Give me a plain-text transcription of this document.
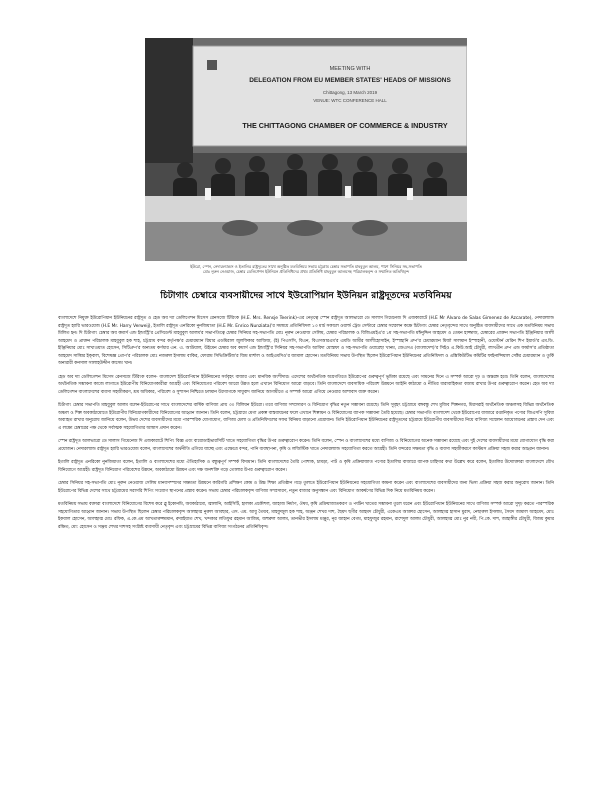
MEETING WITH
DELEGATION FROM EU MEMBER STATES' HEADS OF MISSIONS
Chittagong, 13 March 2019
VENUE: WTC CONFERENCE HALL
THE CHITTAGONG CHAMBER OF COMMERCE & INDUSTRY
ইউরো, স্পেন, নেদারল্যান্ডস ও ইতালির রাষ্ট্রদূতের সাথে অনুষ্ঠিত মতবিনিময় সভায় চট্টগ্রাম চেম্বার সভাপতি মাহবুবুল আলম, পাশে সিনিয়র সহ-সভাপতি
মোঃ নূরুন নেওয়াজ, চেম্বার ডেলিগেশন ইউনিয়ন প্রতিনিধিদের প্রথম প্রতিনিধি মাহবুবুল আলমসহ পরিচালকবৃন্দ ও সম্মানিত অতিথিবৃন্দ
চিটাগাং চেম্বারে ব্যবসায়ীদের সাথে ইউরোপিয়ান ইউনিয়ন রাষ্ট্রদূতদের মতবিনিময়

বাংলাদেশে নিযুক্ত ইউরোপিয়ান ইউনিয়নের রাষ্ট্রদূত ও হেড অব দ্যা ডেলিগেশন মিসেস রেনসজে টিরিংক (H.E. Mrs. Rensje Teerink)-এর নেতৃত্বে স্পেন রাষ্ট্রদূত আলভারো ডে সালাস গিমেনেজ দি এজকারাটে (H.E Mr Alvaro de Salas Gimenez de Azcarate), নেদারল্যান্ড রাষ্ট্রদূত হ্যারি ভারওয়েজ (H.E Mr. Harry Verweij), ইতালি রাষ্ট্রদূত এনরিকো নুনজিয়াতা (H.E Mr. Enrico Nunziata)'র সমন্বয়ে প্রতিনিধিদল ১৩ মার্চ সকালে ওয়ার্ল্ড ট্রেড সেন্টারে চেম্বার সম্মেলন কক্ষে চিটাগাং চেম্বার নেতৃবৃন্দের সাথে অনুষ্ঠিত ব্যবসায়ীদের সাথে এক মতবিনিময় সভায় মিলিত হন। দি চিটাগাং চেম্বার অব কমার্স এন্ড ইন্ডাস্ট্রি'র প্রেসিডেন্ট মাহবুবুল আলম'র সভাপতিত্বে চেম্বার সিনিয়র সহ-সভাপতি মোঃ নূরুন নেওয়াজ সেলিম, চেম্বার পরিচালক ও বিজিএমইএ'র ১ম সহ-সভাপতি মঈনুদ্দিন আহমেদ ও তেমন হাজ্জাজ, চেম্বারের প্রাক্তন সভাপতি ইঞ্জিনিয়ার আলী আহমেদ ও প্রাক্তন পরিচালক মাহবুবুল হক শাহ, চট্টগ্রাম বন্দর কর্তৃপক্ষ'র চেয়ারম্যান রিয়ার এডমিরাল জুলফিকার আজিজ, (ই) পিএসসি, বিএন, বিএসআরএম'র এমডি আমীর আলীহোসাইন, ইস্পাহানি গ্রুপ'র চেয়ারম্যান মির্জা সালমান ইস্পাহানী, ওয়েস্টার্ন মেরিন শিপ ইয়ার্ড'র এম.ডি. ইঞ্জিনিয়ার মোঃ সাখাওয়াত হোসেন, সিটিগ্রুপ'র অন্যতম কর্ণধার এন. এ. আউয়াল, উইমেন চেম্বার অব কমার্স এন্ড ইন্ডাস্ট্রি'র সিনিয়র সহ-সভাপতি আবিদা মোস্তফা ও সহ-সভাপতি ওয়ারেছা খানম, জেএসএ (বাংলাদেশ)'র সিইও এ.কিউ.আই চৌধুরী, লাসপ্রীন গ্রুপ এন্ড ফার্মাস'র প্রতিষ্ঠাতা আহমেদ সাব্বির ইক্‌বাল, বিশেষজ্ঞ প্রোপ'র পরিচালক মোঃ নজরুল ইসলাম বাকির, ফোরাম সিভিক্রিটিজ'র জিম মার্শাল ও আইএমসিও'র জামাল হোসেন। মতবিনিময় সভায় উপস্থিত ছিলেন ইউরোপিয়ান ইউনিয়নের প্রতিনিধিদল ও এক্সিকিউটিভ কমিটির ফাইনান্সিয়াল সেক্টর চেয়ারম্যান ও তুর্কি অনারারী কনসাল সালাহউদ্দীন কাসেম খান।

হেড অব দ্যা ডেলিগেশন মিসেস রেনসজে টিরিংক বলেন- বাংলাদেশ ইউরোপিয়ান ইউনিয়নের সর্ববৃহৎ বাজার এবং মানবিক অংশীদার। এদেশের অর্থনৈতিক অগ্রগতিতে ইউরোপের গুরুত্বপূর্ণ ভূমিকা রয়েছে এবং সামনের দিনে এ সম্পর্ক আরো দৃঢ় ও অন্তরঙ্গ হবে। তিনি বলেন, বাংলাদেশের অর্থনৈতিক সম্ভাবনা কাজে লাগাতে ইউরোপীয় বিনিয়োগকারীরা আগ্রহী এবং বিনিয়োগের পরিবেশ আরো উন্নত হলে এখানে বিনিয়োগ আরো বাড়বে। তিনি বাংলাদেশে ব্যবসায়িক পরিবেশ উন্নয়নে আইনি কাঠামো ও নীতির ধারাবাহিকতা বজায় রাখার উপর গুরুত্বারোপ করেন। হেড অব দ্যা ডেলিগেশন বাংলাদেশের ব্যবসা সহজীকরণ, শ্রম অধিকার, পরিবেশ ও সুশাসন নিশ্চিতে চলমান উদ্যোগকে সাধুবাদ জানিয়ে আগামীতে এ সম্পর্ক আরো এগিয়ে নেওয়ার আশাবাদ ব্যক্ত করেন।

চিটাগাং চেম্বার সভাপতি মাহবুবুল আলম বলেন-ইউরোপের সাথে বাংলাদেশের বার্ষিক বাণিজ্য প্রায় ৩০ বিলিয়ন ইউরো। তবে বাণিজ্য সম্প্রসারণ ও বিনিয়োগ বৃদ্ধির নতুন সম্ভাবনা রয়েছে। তিনি সুবৃহৎ চট্টগ্রামে বঙ্গবন্ধু শেখ মুজিব শিল্পনগর, মিরসরাই অর্থনৈতিক অঞ্চলসহ বিভিন্ন অর্থনৈতিক অঞ্চল ও শিল্প অবকাঠামোতে ইউরোপীয় বিনিয়োগকারীদের বিনিয়োগের আহ্বান জানান। তিনি বলেন, চট্টগ্রামে মেগা প্রকল্প বাস্তবায়নের ফলে এখানে শিল্পায়ন ও বিনিয়োগের ব্যাপক সম্ভাবনা তৈরি হয়েছে। চেম্বার সভাপতি বাংলাদেশ থেকে ইউরোপের বাজারে রপ্তানিকৃত পণ্যের জিএসপি সুবিধা অব্যাহত রাখার অনুরোধ জানিয়ে বলেন, উভয় দেশের ব্যবসায়ীদের মধ্যে পারস্পরিক যোগাযোগ, বাণিজ্য মেলা ও প্রতিনিধিদলের সফর বিনিময় বাড়ানো প্রয়োজন। তিনি ইউরোপিয়ান ইউনিয়নের রাষ্ট্রদূতদের চট্টগ্রামে ইউরোপীয় ব্যবসায়ীদের নিয়ে বাণিজ্য সম্মেলন আয়োজনের প্রস্তাব দেন এবং এ লক্ষ্যে চেম্বারের পক্ষ থেকে সর্বাত্মক সহযোগিতার আশ্বাস প্রদান করেন।

স্পেন রাষ্ট্রদূত আলভারো ডে সালাস গিমেনেজ দি এজকারাটে শিপিং বিজ্ঞ এবং বায়োডাইভারসিটি খাতে সহযোগিতা বৃদ্ধির উপর গুরুত্বারোপ করেন। তিনি বলেন, স্পেন ও বাংলাদেশের মধ্যে বাণিজ্য ও বিনিয়োগের অনেক সম্ভাবনা রয়েছে এবং দুই দেশের ব্যবসায়ীদের মধ্যে যোগাযোগ বৃদ্ধি করা প্রয়োজন। নেদারল্যান্ড রাষ্ট্রদূত হ্যারি ভারওয়েজ বলেন, বাংলাদেশের অর্থনীতি এগিয়ে যাচ্ছে এবং এক্ষেত্রে বন্দর, পানি ব্যবস্থাপনা, কৃষি ও লজিস্টিক খাতে নেদারল্যান্ড সহযোগিতা করতে আগ্রহী। তিনি বন্দরের সক্ষমতা বৃদ্ধি ও ব্যবসা সহজীকরণে কাস্টমস প্রক্রিয়া সহজ করার আহ্বান জানান।

ইতালি রাষ্ট্রদূত এনরিকো নুনজিয়াতা বলেন, ইতালি ও বাংলাদেশের মধ্যে ঐতিহাসিক ও বন্ধুত্বপূর্ণ সম্পর্ক বিদ্যমান। তিনি বাংলাদেশের তৈরি পোশাক, চামড়া, পাট ও কৃষি প্রক্রিয়াজাত পণ্যের ইতালির বাজারে ব্যাপক চাহিদার কথা উল্লেখ করে বলেন, ইতালির উদ্যোক্তারা বাংলাদেশে যৌথ বিনিয়োগে আগ্রহী। রাষ্ট্রদূত বিনিয়োগ পরিবেশের উন্নয়ন, অবকাঠামো উন্নয়ন এবং দক্ষ জনশক্তি গড়ে তোলার উপর গুরুত্বারোপ করেন।

চেম্বার সিনিয়র সহ-সভাপতি মোঃ নূরুন নেওয়াজ সেলিম মানবসম্পদের সক্ষমতা উন্নয়নে কারিগরি প্রশিক্ষণ কেন্দ্র ও উচ্চ শিক্ষা প্রতিষ্ঠান গড়ে তুলতে ইউরোপিয়ান ইউনিয়নের সহযোগিতা কামনা করেন এবং বাংলাদেশের ব্যবসায়ীদের জন্য ভিসা প্রক্রিয়া সহজ করার অনুরোধ জানান। তিনি ইউরোপের বিভিন্ন দেশের সাথে চট্টগ্রামের সরাসরি শিপিং সংযোগ স্থাপনের প্রস্তাব করেন। সভায় চেম্বার পরিচালকবৃন্দ বাণিজ্য সম্প্রসারণ, নতুন বাজার অনুসন্ধান এবং বিনিয়োগ আকর্ষণের বিভিন্ন দিক নিয়ে মতবিনিময় করেন।

মতবিনিময় সভায় বক্তারা বাংলাদেশে বিনিয়োগের বিশেষ করে ব্লু ইকোনমি, অবকাঠামো, জ্বালানি, আইসিটি, হালকা প্রকৌশল, জাহাজ নির্মাণ, ঔষধ, কৃষি প্রক্রিয়াজাতকরণ ও পর্যটন খাতের সম্ভাবনা তুলে ধরেন এবং ইউরোপিয়ান ইউনিয়নের সাথে বাণিজ্য সম্পর্ক আরো সুদৃঢ় করতে পারস্পরিক সহযোগিতার আহ্বান জানান। সভায় উপস্থিত ছিলেন চেম্বার পরিচালকবৃন্দ আলহাজ্ব নুরুল আবছার, এস. এম. আবু তৈয়ব, মাহফুজুল হক শাহ, অঞ্জন শেখর দাশ, ছৈয়দ ছগীর আহমদ চৌধুরী, একেএম আক্তার হোসেন, আলহাজ্ব হাসান মুরাদ, নেছারুল ইসলাম, সৈয়দ জামাল আহমেদ, মোঃ ইকবাল হোসেন, আলহাজ্ব মোঃ রফিক, এ.কে.এম আখতারুজ্জামান, রুবাইয়াত শেখ, খন্দকার লতিফুর রহমান আজিম, জহুরুল আলম, তানভীর ইসলাম মঞ্জুর, নূর জাহান বেগম, মাহফুজুর রহমান, রাশেদুল আলম চৌধুরী, আলহাজ্ব মোঃ নুর নবী, পি.কে. দাশ, জাহাঙ্গীর চৌধুরী, বিজয় কুমার রক্ষিত, মো: হোসেন ও সঞ্জয় শেখর দাশসহ সংশ্লিষ্ট ব্যবসায়ী নেতৃবৃন্দ এবং চট্টগ্রামের বিভিন্ন বাণিজ্য সংগঠনের প্রতিনিধিবৃন্দ।
